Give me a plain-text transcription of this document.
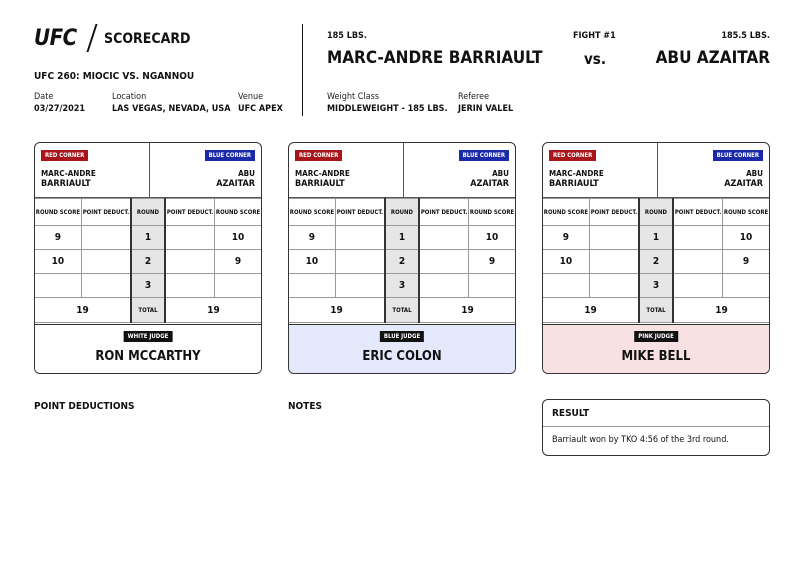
UFC SCORECARD
UFC 260: MIOCIC VS. NGANNOU
Date
03/27/2021
Location
LAS VEGAS, NEVADA, USA
Venue
UFC APEX
185 LBS.
MARC-ANDRE BARRIAULT
FIGHT #1
vs.
185.5 LBS.
ABU AZAITAR
Weight Class
MIDDLEWEIGHT - 185 LBS.
Referee
JERIN VALEL
RED CORNER	BLUE CORNER
MARC-ANDRE
BARRIAULT
ABU
AZAITAR
ROUND SCORE	POINT DEDUCT.	ROUND	POINT DEDUCT.	ROUND SCORE
9		1		10
10		2		9
		3		
19		TOTAL	19	
WHITE JUDGE
RON MCCARTHY
RED CORNER	BLUE CORNER
MARC-ANDRE
BARRIAULT
ABU
AZAITAR
ROUND SCORE	POINT DEDUCT.	ROUND	POINT DEDUCT.	ROUND SCORE
9		1		10
10		2		9
		3		
19		TOTAL	19	
BLUE JUDGE
ERIC COLON
RED CORNER	BLUE CORNER
MARC-ANDRE
BARRIAULT
ABU
AZAITAR
ROUND SCORE	POINT DEDUCT.	ROUND	POINT DEDUCT.	ROUND SCORE
9		1		10
10		2		9
		3		
19		TOTAL	19	
PINK JUDGE
MIKE BELL
POINT DEDUCTIONS	NOTES
RESULT
Barriault won by TKO 4:56 of the 3rd round.
